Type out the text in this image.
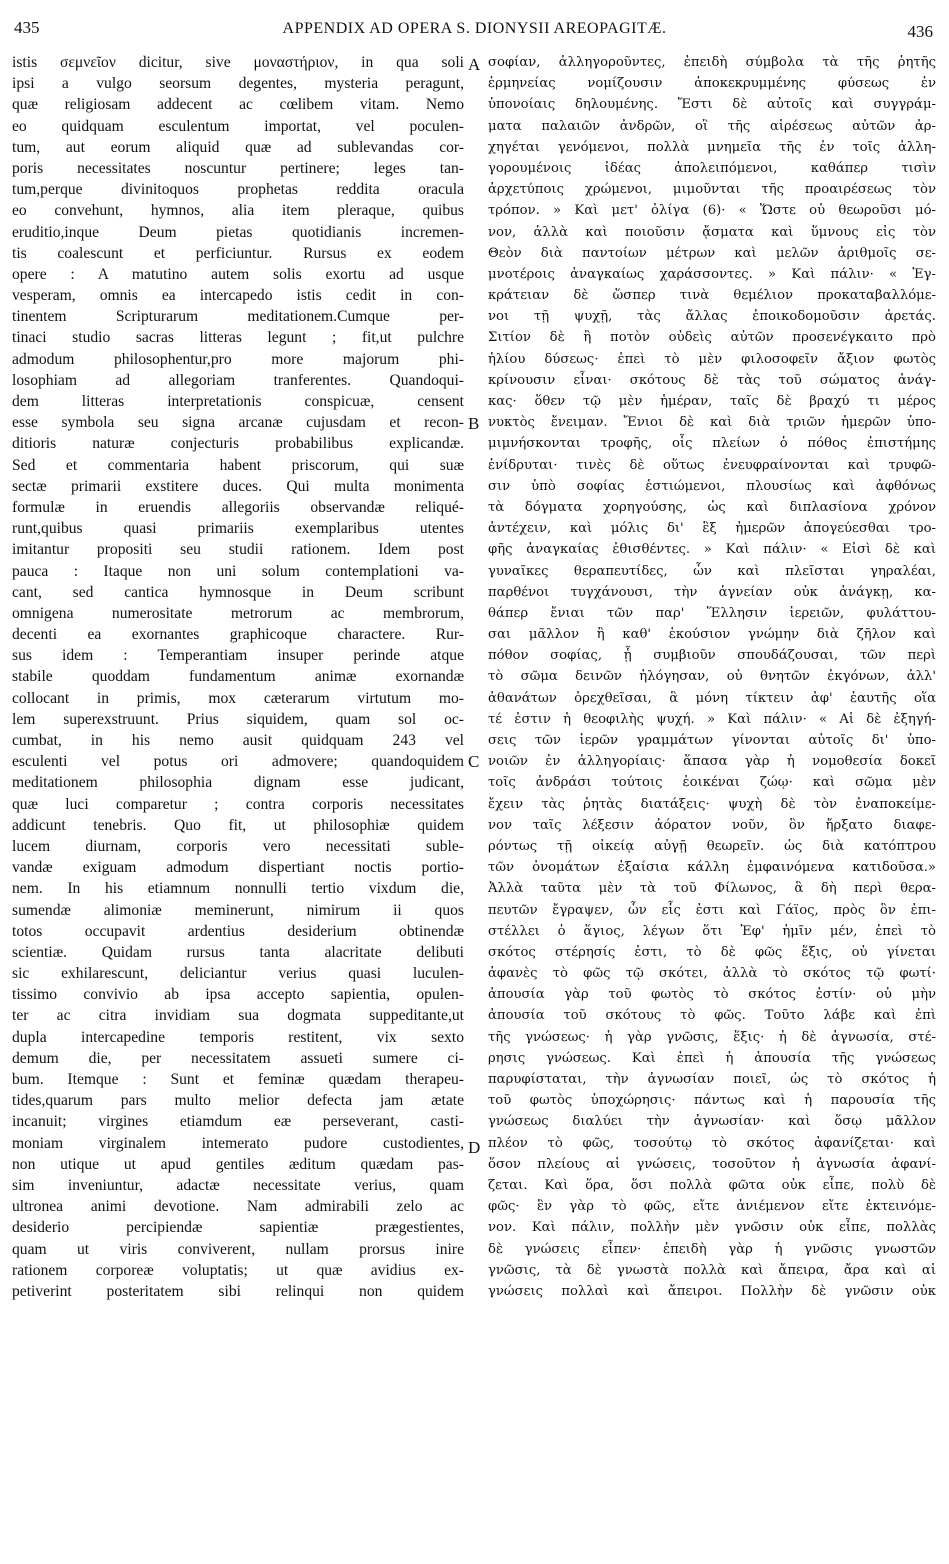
435	APPENDIX AD OPERA S. DIONYSII AREOPAGITÆ.	436
istis σεμνεῖον dicitur, sive μοναστήριον, in qua soli
ipsi a vulgo seorsum degentes, mysteria peragunt,
quæ religiosam addecent ac cœlibem vitam. Nemo
eo quidquam esculentum importat, vel poculen-
tum, aut eorum aliquid quæ ad sublevandas cor-
poris necessitates noscuntur pertinere; leges tan-
tum,perque divinitoquos prophetas reddita oracula
eo convehunt, hymnos, alia item pleraque, quibus
eruditio,inque Deum pietas quotidianis incremen-
tis coalescunt et perficiuntur. Rursus ex eodem
opere : A matutino autem solis exortu ad usque
vesperam, omnis ea intercapedo istis cedit in con-
tinentem Scripturarum meditationem.Cumque per-
tinaci studio sacras litteras legunt ; fit,ut pulchre
admodum philosophentur,pro more majorum phi-
losophiam ad allegoriam tranferentes. Quandoqui-
dem litteras interpretationis conspicuæ, censent
esse symbola seu signa arcanæ cujusdam et recon-
ditioris naturæ conjecturis probabilibus explicandæ.
Sed et commentaria habent priscorum, qui suæ
sectæ primarii exstitere duces. Qui multa monimenta
formulæ in eruendis allegoriis observandæ reliqué-
runt,quibus quasi primariis exemplaribus utentes
imitantur propositi seu studii rationem. Idem post
pauca : Itaque non uni solum contemplationi va-
cant, sed cantica hymnosque in Deum scribunt
omnigena numerositate metrorum ac membrorum,
decenti ea exornantes graphicoque charactere. Rur-
sus idem : Temperantiam insuper perinde atque
stabile quoddam fundamentum animæ exornandæ
collocant in primis, mox cæterarum virtutum mo-
lem superexstruunt. Prius siquidem, quam sol oc-
cumbat, in his nemo ausit quidquam 243 vel
esculenti vel potus ori admovere; quandoquidem
meditationem philosophia dignam esse judicant,
quæ luci comparetur ; contra corporis necessitates
addicunt tenebris. Quo fit, ut philosophiæ quidem
lucem diurnam, corporis vero necessitati suble-
vandæ exiguam admodum dispertiant noctis portio-
nem. In his etiamnum nonnulli tertio vixdum die,
sumendæ alimoniæ meminerunt, nimirum ii quos
totos occupavit ardentius desiderium obtinendæ
scientiæ. Quidam rursus tanta alacritate delibuti
sic exhilarescunt, deliciantur verius quasi luculen-
tissimo convivio ab ipsa accepto sapientia, opulen-
ter ac citra invidiam sua dogmata suppeditante,ut
dupla intercapedine temporis restitent, vix sexto
demum die, per necessitatem assueti sumere ci-
bum. Itemque : Sunt et feminæ quædam therapeu-
tides,quarum pars multo melior defecta jam ætate
incanuit; virgines etiamdum eæ perseverant, casti-
moniam virginalem intemerato pudore custodientes,
non utique ut apud gentiles æditum quædam pas-
sim inveniuntur, adactæ necessitate verius, quam
ultronea animi devotione. Nam admirabili zelo ac
desiderio percipiendæ sapientiæ prægestientes,
quam ut viris conviverent, nullam prorsus inire
rationem corporeæ voluptatis; ut quæ avidius ex-
petiverint posteritatem sibi relinqui non quidem
σοφίαν, ἀλληγοροῦντες, ἐπειδὴ σύμβολα τὰ τῆς ῥητῆς
ἑρμηνείας νομίζουσιν ἀποκεκρυμμένης φύσεως ἐν
ὑπονοίαις δηλουμένης. Ἔστι δὲ αὐτοῖς καὶ συγγράμ-
ματα παλαιῶν ἀνδρῶν, οἳ τῆς αἱρέσεως αὐτῶν ἀρ-
χηγέται γενόμενοι, πολλὰ μνημεῖα τῆς ἐν τοῖς ἀλλη-
γορουμένοις ἰδέας ἀπολειπόμενοι, καθάπερ τισὶν
ἀρχετύποις χρώμενοι, μιμοῦνται τῆς προαιρέσεως τὸν
τρόπον. » Καὶ μετ' ὀλίγα (6)· « Ὥστε οὐ θεωροῦσι μό-
νον, ἀλλὰ καὶ ποιοῦσιν ᾄσματα καὶ ὕμνους εἰς τὸν
Θεὸν διὰ παντοίων μέτρων καὶ μελῶν ἀριθμοῖς σε-
μνοτέροις ἀναγκαίως χαράσσοντες. » Καὶ πάλιν· « Ἐγ-
κράτειαν δὲ ὥσπερ τινὰ θεμέλιον προκαταβαλλόμε-
νοι τῇ ψυχῇ, τὰς ἄλλας ἐποικοδομοῦσιν ἀρετάς.
Σιτίον δὲ ἢ ποτὸν οὐδεὶς αὐτῶν προσενέγκαιτο πρὸ
ἡλίου δύσεως· ἐπεὶ τὸ μὲν φιλοσοφεῖν ἄξιον φωτὸς
κρίνουσιν εἶναι· σκότους δὲ τὰς τοῦ σώματος ἀνάγ-
κας· ὅθεν τῷ μὲν ἡμέραν, ταῖς δὲ βραχύ τι μέρος
νυκτὸς ἔνειμαν. Ἔνιοι δὲ καὶ διὰ τριῶν ἡμερῶν ὑπο-
μιμνήσκονται τροφῆς, οἷς πλείων ὁ πόθος ἐπιστήμης
ἐνίδρυται· τινὲς δὲ οὕτως ἐνευφραίνονται καὶ τρυφῶ-
σιν ὑπὸ σοφίας ἑστιώμενοι, πλουσίως καὶ ἀφθόνως
τὰ δόγματα χορηγούσης, ὡς καὶ διπλασίονα χρόνον
ἀντέχειν, καὶ μόλις δι' ἓξ ἡμερῶν ἀπογεύεσθαι τρο-
φῆς ἀναγκαίας ἐθισθέντες. » Καὶ πάλιν· « Εἰσὶ δὲ καὶ
γυναῖκες θεραπευτίδες, ὧν καὶ πλεῖσται γηραλέαι,
παρθένοι τυγχάνουσι, τὴν ἁγνείαν οὐκ ἀνάγκῃ, κα-
θάπερ ἔνιαι τῶν παρ' Ἕλλησιν ἱερειῶν, φυλάττου-
σαι μᾶλλον ἢ καθ' ἑκούσιον γνώμην διὰ ζῆλον καὶ
πόθον σοφίας, ᾗ συμβιοῦν σπουδάζουσαι, τῶν περὶ
τὸ σῶμα δεινῶν ἠλόγησαν, οὐ θνητῶν ἐκγόνων, ἀλλ'
ἀθανάτων ὀρεχθεῖσαι, ἃ μόνη τίκτειν ἀφ' ἑαυτῆς οἵα
τέ ἐστιν ἡ θεοφιλὴς ψυχή. » Καὶ πάλιν· « Αἱ δὲ ἐξηγή-
σεις τῶν ἱερῶν γραμμάτων γίνονται αὐτοῖς δι' ὑπο-
νοιῶν ἐν ἀλληγορίαις· ἅπασα γὰρ ἡ νομοθεσία δοκεῖ
τοῖς ἀνδράσι τούτοις ἐοικέναι ζώῳ· καὶ σῶμα μὲν
ἔχειν τὰς ῥητὰς διατάξεις· ψυχὴ δὲ τὸν ἐναποκείμε-
νον ταῖς λέξεσιν ἀόρατον νοῦν, ὃν ἤρξατο διαφε-
ρόντως τῇ οἰκείᾳ αὐγῇ θεωρεῖν. ὡς διὰ κατόπτρου
τῶν ὀνομάτων ἐξαίσια κάλλη ἐμφαινόμενα κατιδοῦσα.»
Ἀλλὰ ταῦτα μὲν τὰ τοῦ Φίλωνος, ἃ δὴ περὶ θερα-
πευτῶν ἔγραψεν, ὧν εἷς ἐστι καὶ Γάϊος, πρὸς ὃν ἐπι-
στέλλει ὁ ἅγιος, λέγων ὅτι Ἐφ' ἡμῖν μέν, ἐπεὶ τὸ
σκότος στέρησίς ἐστι, τὸ δὲ φῶς ἕξις, οὐ γίνεται
ἀφανὲς τὸ φῶς τῷ σκότει, ἀλλὰ τὸ σκότος τῷ φωτί·
ἀπουσία γὰρ τοῦ φωτὸς τὸ σκότος ἐστίν· οὐ μὴν
ἀπουσία τοῦ σκότους τὸ φῶς. Τοῦτο λάβε καὶ ἐπὶ
τῆς γνώσεως· ἡ γὰρ γνῶσις, ἕξις· ἡ δὲ ἀγνωσία, στέ-
ρησις γνώσεως. Καὶ ἐπεὶ ἡ ἀπουσία τῆς γνώσεως
παρυφίσταται, τὴν ἀγνωσίαν ποιεῖ, ὡς τὸ σκότος ἡ
τοῦ φωτὸς ὑποχώρησις· πάντως καὶ ἡ παρουσία τῆς
γνώσεως διαλύει τὴν ἀγνωσίαν· καὶ ὅσῳ μᾶλλον
πλέον τὸ φῶς, τοσούτῳ τὸ σκότος ἀφανίζεται· καὶ
ὅσον πλείους αἱ γνώσεις, τοσοῦτον ἡ ἀγνωσία ἀφανί-
ζεται. Καὶ ὅρα, ὅσι πολλὰ φῶτα οὐκ εἶπε, πολὺ δὲ
φῶς· ἓν γὰρ τὸ φῶς, εἴτε ἀνιέμενον εἴτε ἐκτεινόμε-
νον. Καὶ πάλιν, πολλὴν μὲν γνῶσιν οὐκ εἶπε, πολλὰς
δὲ γνώσεις εἶπεν· ἐπειδὴ γὰρ ἡ γνῶσις γνωστῶν
γνῶσις, τὰ δὲ γνωστὰ πολλὰ καὶ ἄπειρα, ἄρα καὶ αἱ
γνώσεις πολλαὶ καὶ ἄπειροι. Πολλὴν δὲ γνῶσιν οὐκ
A
B
C
D
